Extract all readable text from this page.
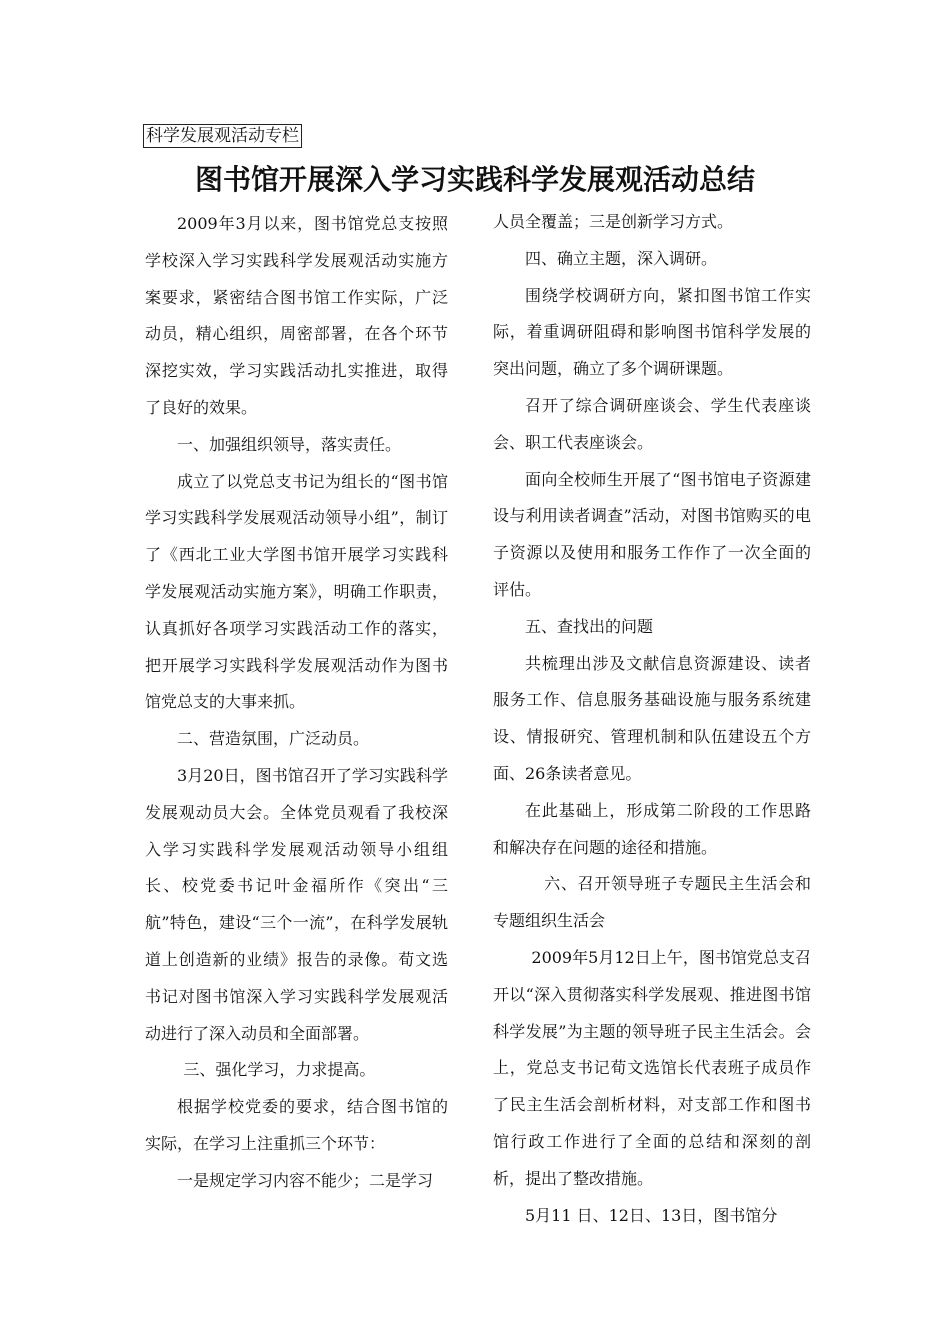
科学发展观活动专栏
图书馆开展深入学习实践科学发展观活动总结

2009年3月以来，图书馆党总支按照学校深入学习实践科学发展观活动实施方案要求，紧密结合图书馆工作实际，广泛动员，精心组织，周密部署，在各个环节深挖实效，学习实践活动扎实推进，取得了良好的效果。

一、加强组织领导，落实责任。

成立了以党总支书记为组长的“图书馆学习实践科学发展观活动领导小组”，制订了《西北工业大学图书馆开展学习实践科学发展观活动实施方案》，明确工作职责，认真抓好各项学习实践活动工作的落实，把开展学习实践科学发展观活动作为图书馆党总支的大事来抓。

二、营造氛围，广泛动员。

3月20日，图书馆召开了学习实践科学发展观动员大会。全体党员观看了我校深入学习实践科学发展观活动领导小组组长、校党委书记叶金福所作《突出“三航”特色，建设“三个一流”，在科学发展轨道上创造新的业绩》报告的录像。荀文选书记对图书馆深入学习实践科学发展观活动进行了深入动员和全面部署。

三、强化学习，力求提高。

根据学校党委的要求，结合图书馆的实际，在学习上注重抓三个环节：

一是规定学习内容不能少；二是学习

人员全覆盖；三是创新学习方式。

四、确立主题，深入调研。

围绕学校调研方向，紧扣图书馆工作实际，着重调研阻碍和影响图书馆科学发展的突出问题，确立了多个调研课题。

召开了综合调研座谈会、学生代表座谈会、职工代表座谈会。

面向全校师生开展了“图书馆电子资源建设与利用读者调查”活动，对图书馆购买的电子资源以及使用和服务工作作了一次全面的评估。

五、查找出的问题

共梳理出涉及文献信息资源建设、读者服务工作、信息服务基础设施与服务系统建设、情报研究、管理机制和队伍建设五个方面、26条读者意见。

在此基础上，形成第二阶段的工作思路和解决存在问题的途径和措施。

六、召开领导班子专题民主生活会和专题组织生活会

2009年5月12日上午，图书馆党总支召开以“深入贯彻落实科学发展观、推进图书馆科学发展”为主题的领导班子民主生活会。会上，党总支书记荀文选馆长代表班子成员作了民主生活会剖析材料，对支部工作和图书馆行政工作进行了全面的总结和深刻的剖析，提出了整改措施。

5月11 日、12日、13日，图书馆分
